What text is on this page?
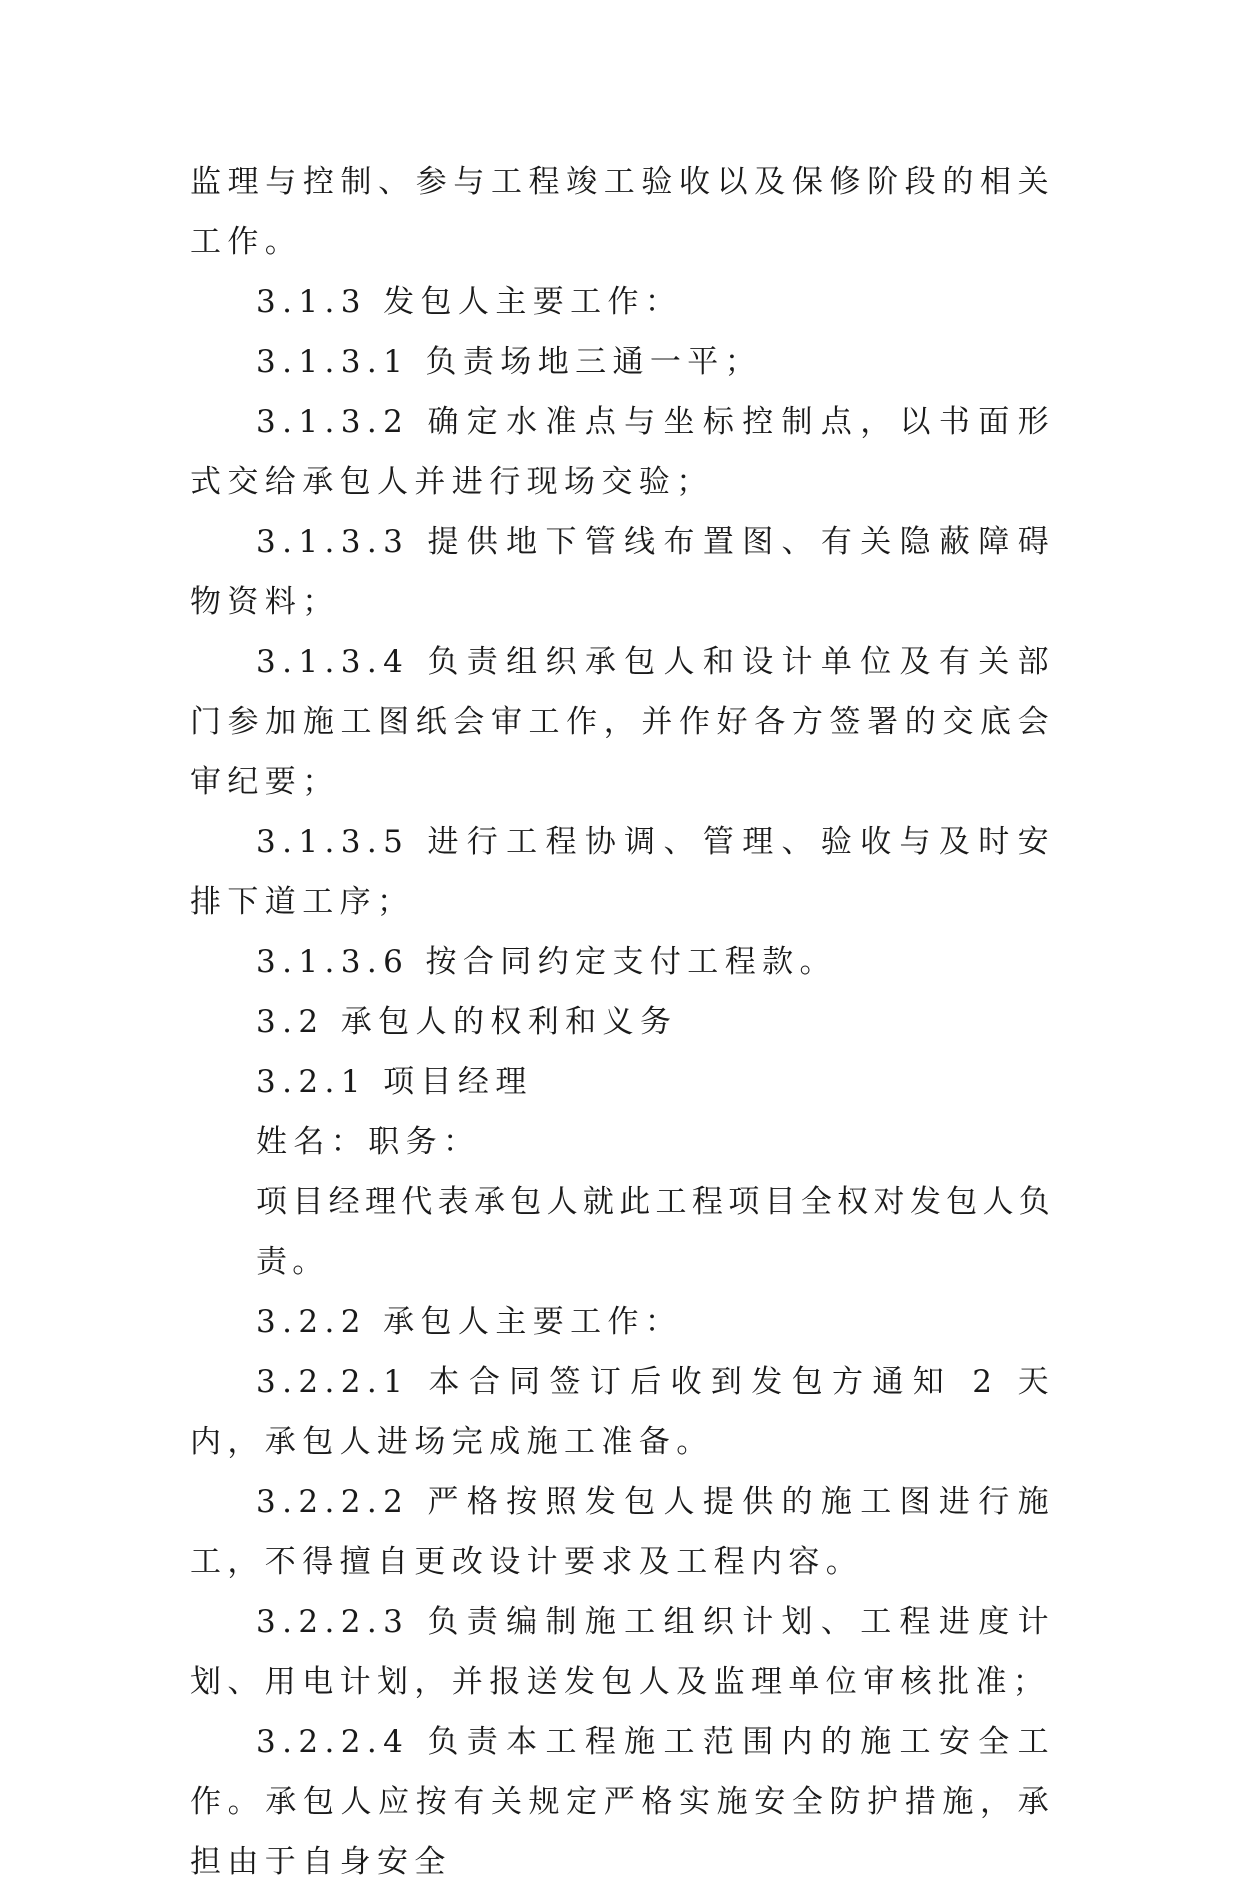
监理与控制、参与工程竣工验收以及保修阶段的相关工作。

3.1.3 发包人主要工作：

3.1.3.1 负责场地三通一平；

3.1.3.2 确定水准点与坐标控制点，以书面形式交给承包人并进行现场交验；

3.1.3.3 提供地下管线布置图、有关隐蔽障碍物资料；

3.1.3.4 负责组织承包人和设计单位及有关部门参加施工图纸会审工作，并作好各方签署的交底会审纪要；

3.1.3.5 进行工程协调、管理、验收与及时安排下道工序；

3.1.3.6 按合同约定支付工程款。

3.2 承包人的权利和义务

3.2.1 项目经理

姓名：职务：

项目经理代表承包人就此工程项目全权对发包人负责。

3.2.2 承包人主要工作：

3.2.2.1 本合同签订后收到发包方通知 2 天内，承包人进场完成施工准备。

3.2.2.2 严格按照发包人提供的施工图进行施工，不得擅自更改设计要求及工程内容。

3.2.2.3 负责编制施工组织计划、工程进度计划、用电计划，并报送发包人及监理单位审核批准；

3.2.2.4 负责本工程施工范围内的施工安全工作。承包人应按有关规定严格实施安全防护措施，承担由于自身安全
